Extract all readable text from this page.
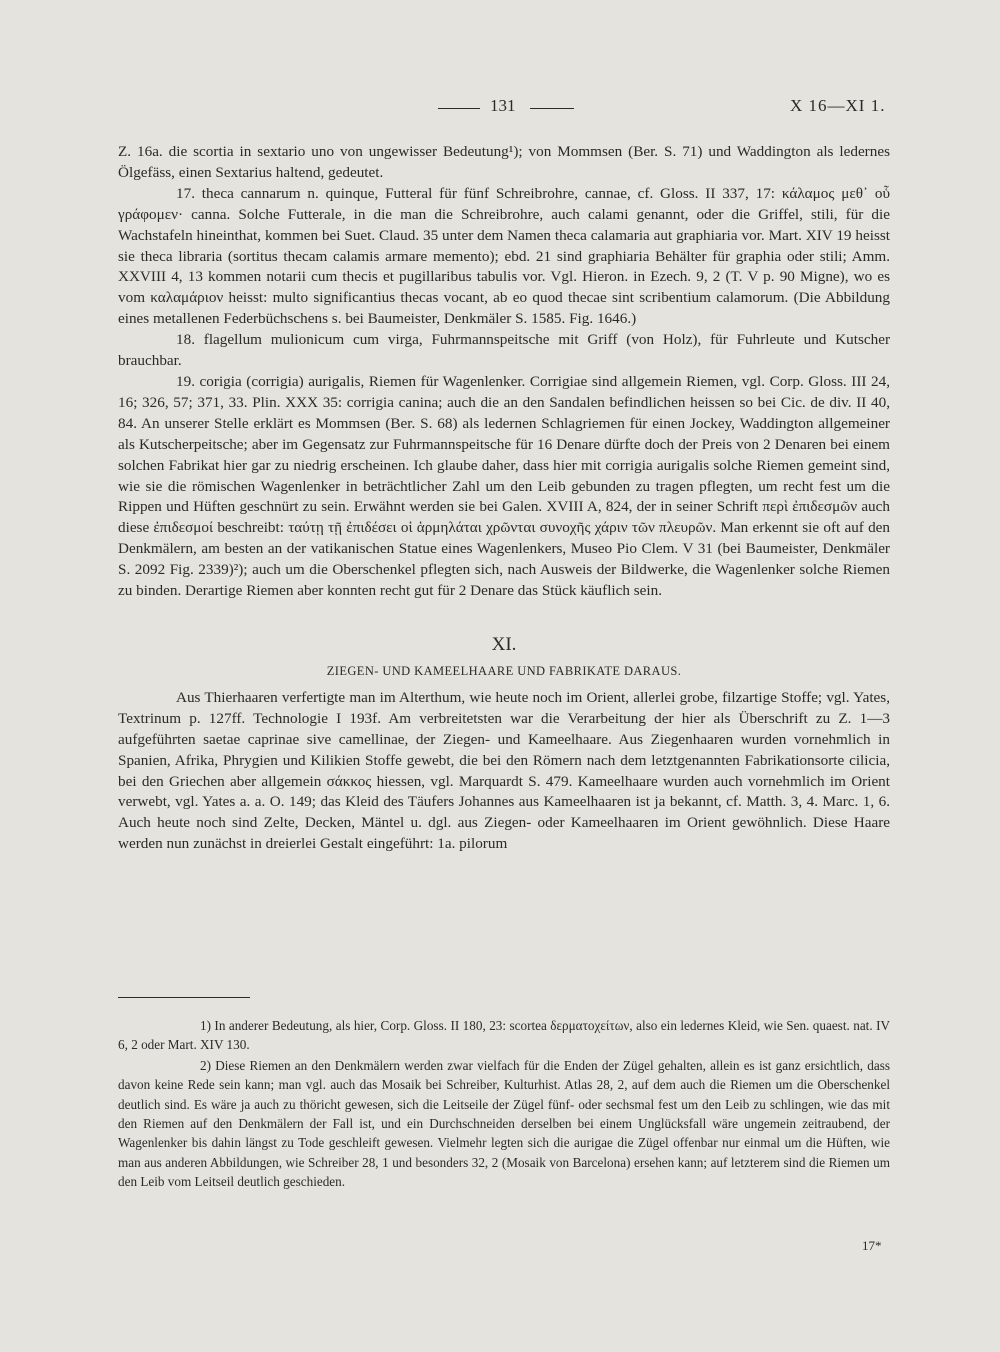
131	X 16—XI 1.

Z. 16a. die scortia in sextario uno von ungewisser Bedeutung¹); von Mommsen (Ber. S. 71) und Waddington als ledernes Ölgefäss, einen Sextarius haltend, gedeutet.

17. theca cannarum n. quinque, Futteral für fünf Schreibrohre, cannae, cf. Gloss. II 337, 17: κάλαμος μεθ᾽ οὗ γράφομεν· canna. Solche Futterale, in die man die Schreibrohre, auch calami genannt, oder die Griffel, stili, für die Wachstafeln hineinthat, kommen bei Suet. Claud. 35 unter dem Namen theca calamaria aut graphiaria vor. Mart. XIV 19 heisst sie theca libraria (sortitus thecam calamis armare memento); ebd. 21 sind graphiaria Behälter für graphia oder stili; Amm. XXVIII 4, 13 kommen notarii cum thecis et pugillaribus tabulis vor. Vgl. Hieron. in Ezech. 9, 2 (T. V p. 90 Migne), wo es vom καλαμάριον heisst: multo significantius thecas vocant, ab eo quod thecae sint scribentium calamorum. (Die Abbildung eines metallenen Federbüchschens s. bei Baumeister, Denkmäler S. 1585. Fig. 1646.)

18. flagellum mulionicum cum virga, Fuhrmannspeitsche mit Griff (von Holz), für Fuhrleute und Kutscher brauchbar.

19. corigia (corrigia) aurigalis, Riemen für Wagenlenker. Corrigiae sind allgemein Riemen, vgl. Corp. Gloss. III 24, 16; 326, 57; 371, 33. Plin. XXX 35: corrigia canina; auch die an den Sandalen befindlichen heissen so bei Cic. de div. II 40, 84. An unserer Stelle erklärt es Mommsen (Ber. S. 68) als ledernen Schlagriemen für einen Jockey, Waddington allgemeiner als Kutscherpeitsche; aber im Gegensatz zur Fuhrmannspeitsche für 16 Denare dürfte doch der Preis von 2 Denaren bei einem solchen Fabrikat hier gar zu niedrig erscheinen. Ich glaube daher, dass hier mit corrigia aurigalis solche Riemen gemeint sind, wie sie die römischen Wagenlenker in beträchtlicher Zahl um den Leib gebunden zu tragen pflegten, um recht fest um die Rippen und Hüften geschnürt zu sein. Erwähnt werden sie bei Galen. XVIII A, 824, der in seiner Schrift περὶ ἐπιδεσμῶν auch diese ἐπιδεσμοί beschreibt: ταύτῃ τῇ ἐπιδέσει οἱ ἁρμηλάται χρῶνται συνοχῆς χάριν τῶν πλευρῶν. Man erkennt sie oft auf den Denkmälern, am besten an der vatikanischen Statue eines Wagenlenkers, Museo Pio Clem. V 31 (bei Baumeister, Denkmäler S. 2092 Fig. 2339)²); auch um die Oberschenkel pflegten sich, nach Ausweis der Bildwerke, die Wagenlenker solche Riemen zu binden. Derartige Riemen aber konnten recht gut für 2 Denare das Stück käuflich sein.

XI.
ZIEGEN- UND KAMEELHAARE UND FABRIKATE DARAUS.

Aus Thierhaaren verfertigte man im Alterthum, wie heute noch im Orient, allerlei grobe, filzartige Stoffe; vgl. Yates, Textrinum p. 127ff. Technologie I 193f. Am verbreitetsten war die Verarbeitung der hier als Überschrift zu Z. 1—3 aufgeführten saetae caprinae sive camellinae, der Ziegen- und Kameelhaare. Aus Ziegenhaaren wurden vornehmlich in Spanien, Afrika, Phrygien und Kilikien Stoffe gewebt, die bei den Römern nach dem letztgenannten Fabrikationsorte cilicia, bei den Griechen aber allgemein σάκκος hiessen, vgl. Marquardt S. 479. Kameelhaare wurden auch vornehmlich im Orient verwebt, vgl. Yates a. a. O. 149; das Kleid des Täufers Johannes aus Kameelhaaren ist ja bekannt, cf. Matth. 3, 4. Marc. 1, 6. Auch heute noch sind Zelte, Decken, Mäntel u. dgl. aus Ziegen- oder Kameelhaaren im Orient gewöhnlich. Diese Haare werden nun zunächst in dreierlei Gestalt eingeführt: 1a. pilorum

1) In anderer Bedeutung, als hier, Corp. Gloss. II 180, 23: scortea δερματοχείτων, also ein ledernes Kleid, wie Sen. quaest. nat. IV 6, 2 oder Mart. XIV 130.

2) Diese Riemen an den Denkmälern werden zwar vielfach für die Enden der Zügel gehalten, allein es ist ganz ersichtlich, dass davon keine Rede sein kann; man vgl. auch das Mosaik bei Schreiber, Kulturhist. Atlas 28, 2, auf dem auch die Riemen um die Oberschenkel deutlich sind. Es wäre ja auch zu thöricht gewesen, sich die Leitseile der Zügel fünf- oder sechsmal fest um den Leib zu schlingen, wie das mit den Riemen auf den Denkmälern der Fall ist, und ein Durchschneiden derselben bei einem Unglücksfall wäre ungemein zeitraubend, der Wagenlenker bis dahin längst zu Tode geschleift gewesen. Vielmehr legten sich die aurigae die Zügel offenbar nur einmal um die Hüften, wie man aus anderen Abbildungen, wie Schreiber 28, 1 und besonders 32, 2 (Mosaik von Barcelona) ersehen kann; auf letzterem sind die Riemen um den Leib vom Leitseil deutlich geschieden.

17*
